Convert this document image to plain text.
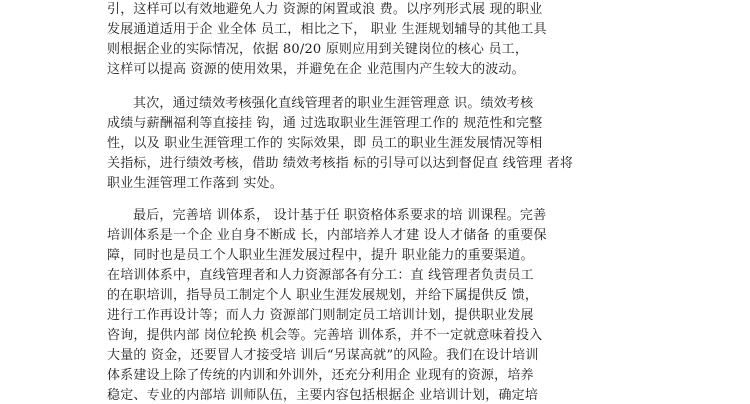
引，这样可以有效地避免人力 资源的闲置或浪 费。以序列形式展 现的职业
发展通道适用于企 业全体 员工，相比之下， 职业 生涯规划辅导的其他工具
则根据企业的实际情况，依据 80/20 原则应用到关键岗位的核心 员工，
这样可以提高 资源的使用效果，并避免在企 业范围内产生较大的波动。
其次，通过绩效考核强化直线管理者的职业生涯管理意 识。绩效考核
成绩与薪酬福利等直接挂 钩，通 过选取职业生涯管理工作的 规范性和完整
性，以及 职业生涯管理工作的 实际效果，即 员工的职业生涯发展情况等相
关指标，进行绩效考核，借助 绩效考核指 标的引导可以达到督促直 线管理 者将
职业生涯管理工作落到 实处。
最后，完善培 训体系， 设计基于任 职资格体系要求的培 训课程。完善
培训体系是一个企 业自身不断成 长，内部培养人才建 设人才储备 的重要保
障，同时也是员工个人职业生涯发展过程中，提升 职业能力的重要渠道。
在培训体系中，直线管理者和人力资源部各有分工：直 线管理者负责员工
的在职培训，指导员工制定个人 职业生涯发展规划，并给下属提供反 馈，
进行工作再设计等；而人力 资源部门则制定员工培训计划，提供职业发展
咨询，提供内部 岗位轮换 机会等。完善培 训体系，并不一定就意味着投入
大量的 资金，还要冒人才接受培 训后“另谋高就”的风险。我们在设计培训
体系建设上除了传统的内训和外训外，还充分利用企 业现有的资源，培养
稳定、专业的内部培 训师队伍，主要内容包括根据企 业培训计划，确定培
